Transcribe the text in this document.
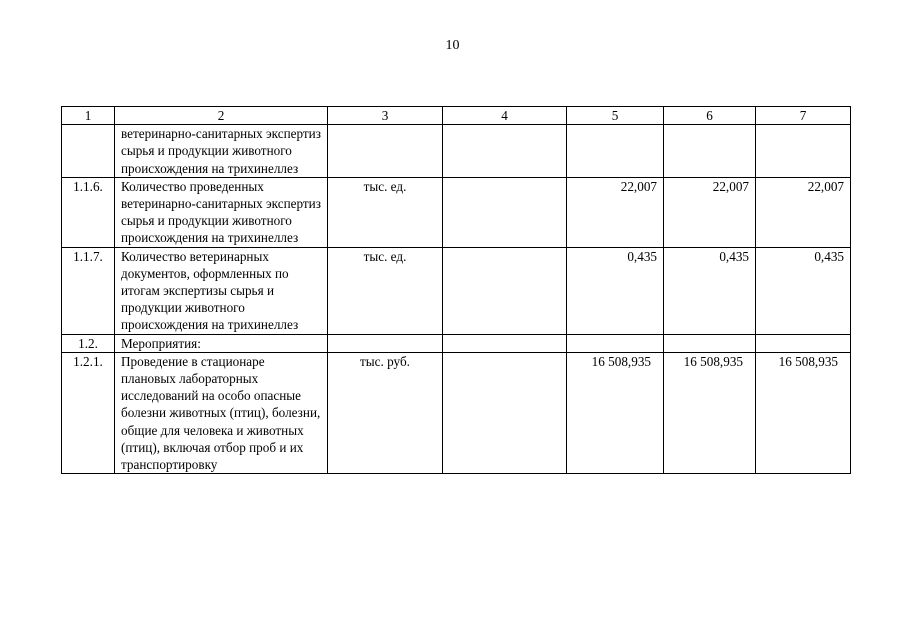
10
1	2	3	4	5	6	7
	ветеринарно-санитарных экспертиз сырья и продукции животного происхождения на трихинеллез					
1.1.6.	Количество проведенных ветеринарно-санитарных экспертиз сырья и продукции животного происхождения на трихинеллез	тыс. ед.		22,007	22,007	22,007
1.1.7.	Количество ветеринарных документов, оформленных по итогам экспертизы сырья и продукции животного происхождения на трихинеллез	тыс. ед.		0,435	0,435	0,435
1.2.	Мероприятия:					
1.2.1.	Проведение в стационаре плановых лабораторных исследований на особо опасные болезни животных (птиц), болезни, общие для человека и животных (птиц), включая отбор проб и их транспортировку	тыс. руб.		16 508,935	16 508,935	16 508,935
